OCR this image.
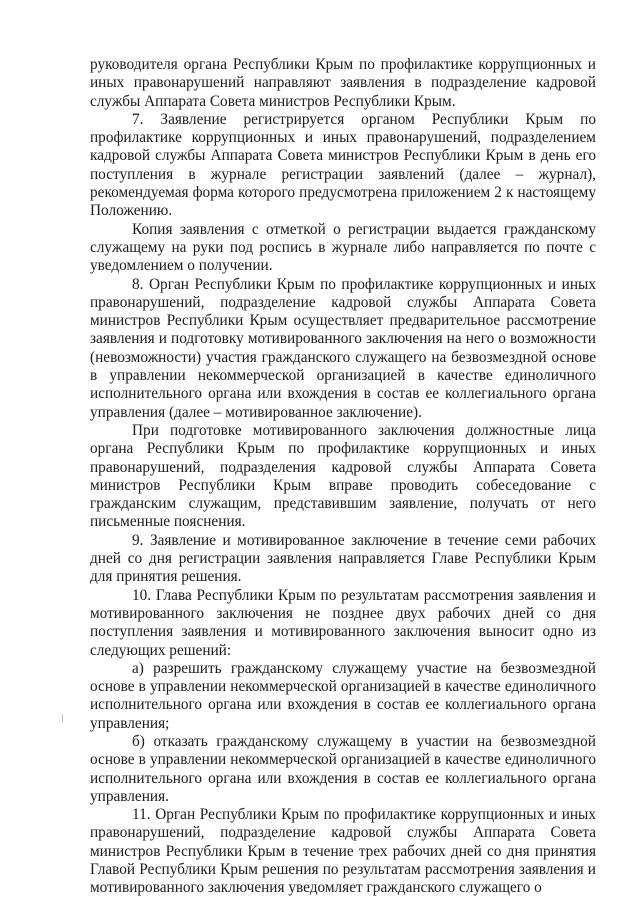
руководителя органа Республики Крым по профилактике коррупционных и иных правонарушений направляют заявления в подразделение кадровой службы Аппарата Совета министров Республики Крым.

7. Заявление регистрируется органом Республики Крым по профилактике коррупционных и иных правонарушений, подразделением кадровой службы Аппарата Совета министров Республики Крым в день его поступления в журнале регистрации заявлений (далее – журнал), рекомендуемая форма которого предусмотрена приложением 2 к настоящему Положению.

Копия заявления с отметкой о регистрации выдается гражданскому служащему на руки под роспись в журнале либо направляется по почте с уведомлением о получении.

8. Орган Республики Крым по профилактике коррупционных и иных правонарушений, подразделение кадровой службы Аппарата Совета министров Республики Крым осуществляет предварительное рассмотрение заявления и подготовку мотивированного заключения на него о возможности (невозможности) участия гражданского служащего на безвозмездной основе в управлении некоммерческой организацией в качестве единоличного исполнительного органа или вхождения в состав ее коллегиального органа управления (далее – мотивированное заключение).

При подготовке мотивированного заключения должностные лица органа Республики Крым по профилактике коррупционных и иных правонарушений, подразделения кадровой службы Аппарата Совета министров Республики Крым вправе проводить собеседование с гражданским служащим, представившим заявление, получать от него письменные пояснения.

9. Заявление и мотивированное заключение в течение семи рабочих дней со дня регистрации заявления направляется Главе Республики Крым для принятия решения.

10. Глава Республики Крым по результатам рассмотрения заявления и мотивированного заключения не позднее двух рабочих дней со дня поступления заявления и мотивированного заключения выносит одно из следующих решений:

а) разрешить гражданскому служащему участие на безвозмездной основе в управлении некоммерческой организацией в качестве единоличного исполнительного органа или вхождения в состав ее коллегиального органа управления;

б) отказать гражданскому служащему в участии на безвозмездной основе в управлении некоммерческой организацией в качестве единоличного исполнительного органа или вхождения в состав ее коллегиального органа управления.

11. Орган Республики Крым по профилактике коррупционных и иных правонарушений, подразделение кадровой службы Аппарата Совета министров Республики Крым в течение трех рабочих дней со дня принятия Главой Республики Крым решения по результатам рассмотрения заявления и мотивированного заключения уведомляет гражданского служащего о
